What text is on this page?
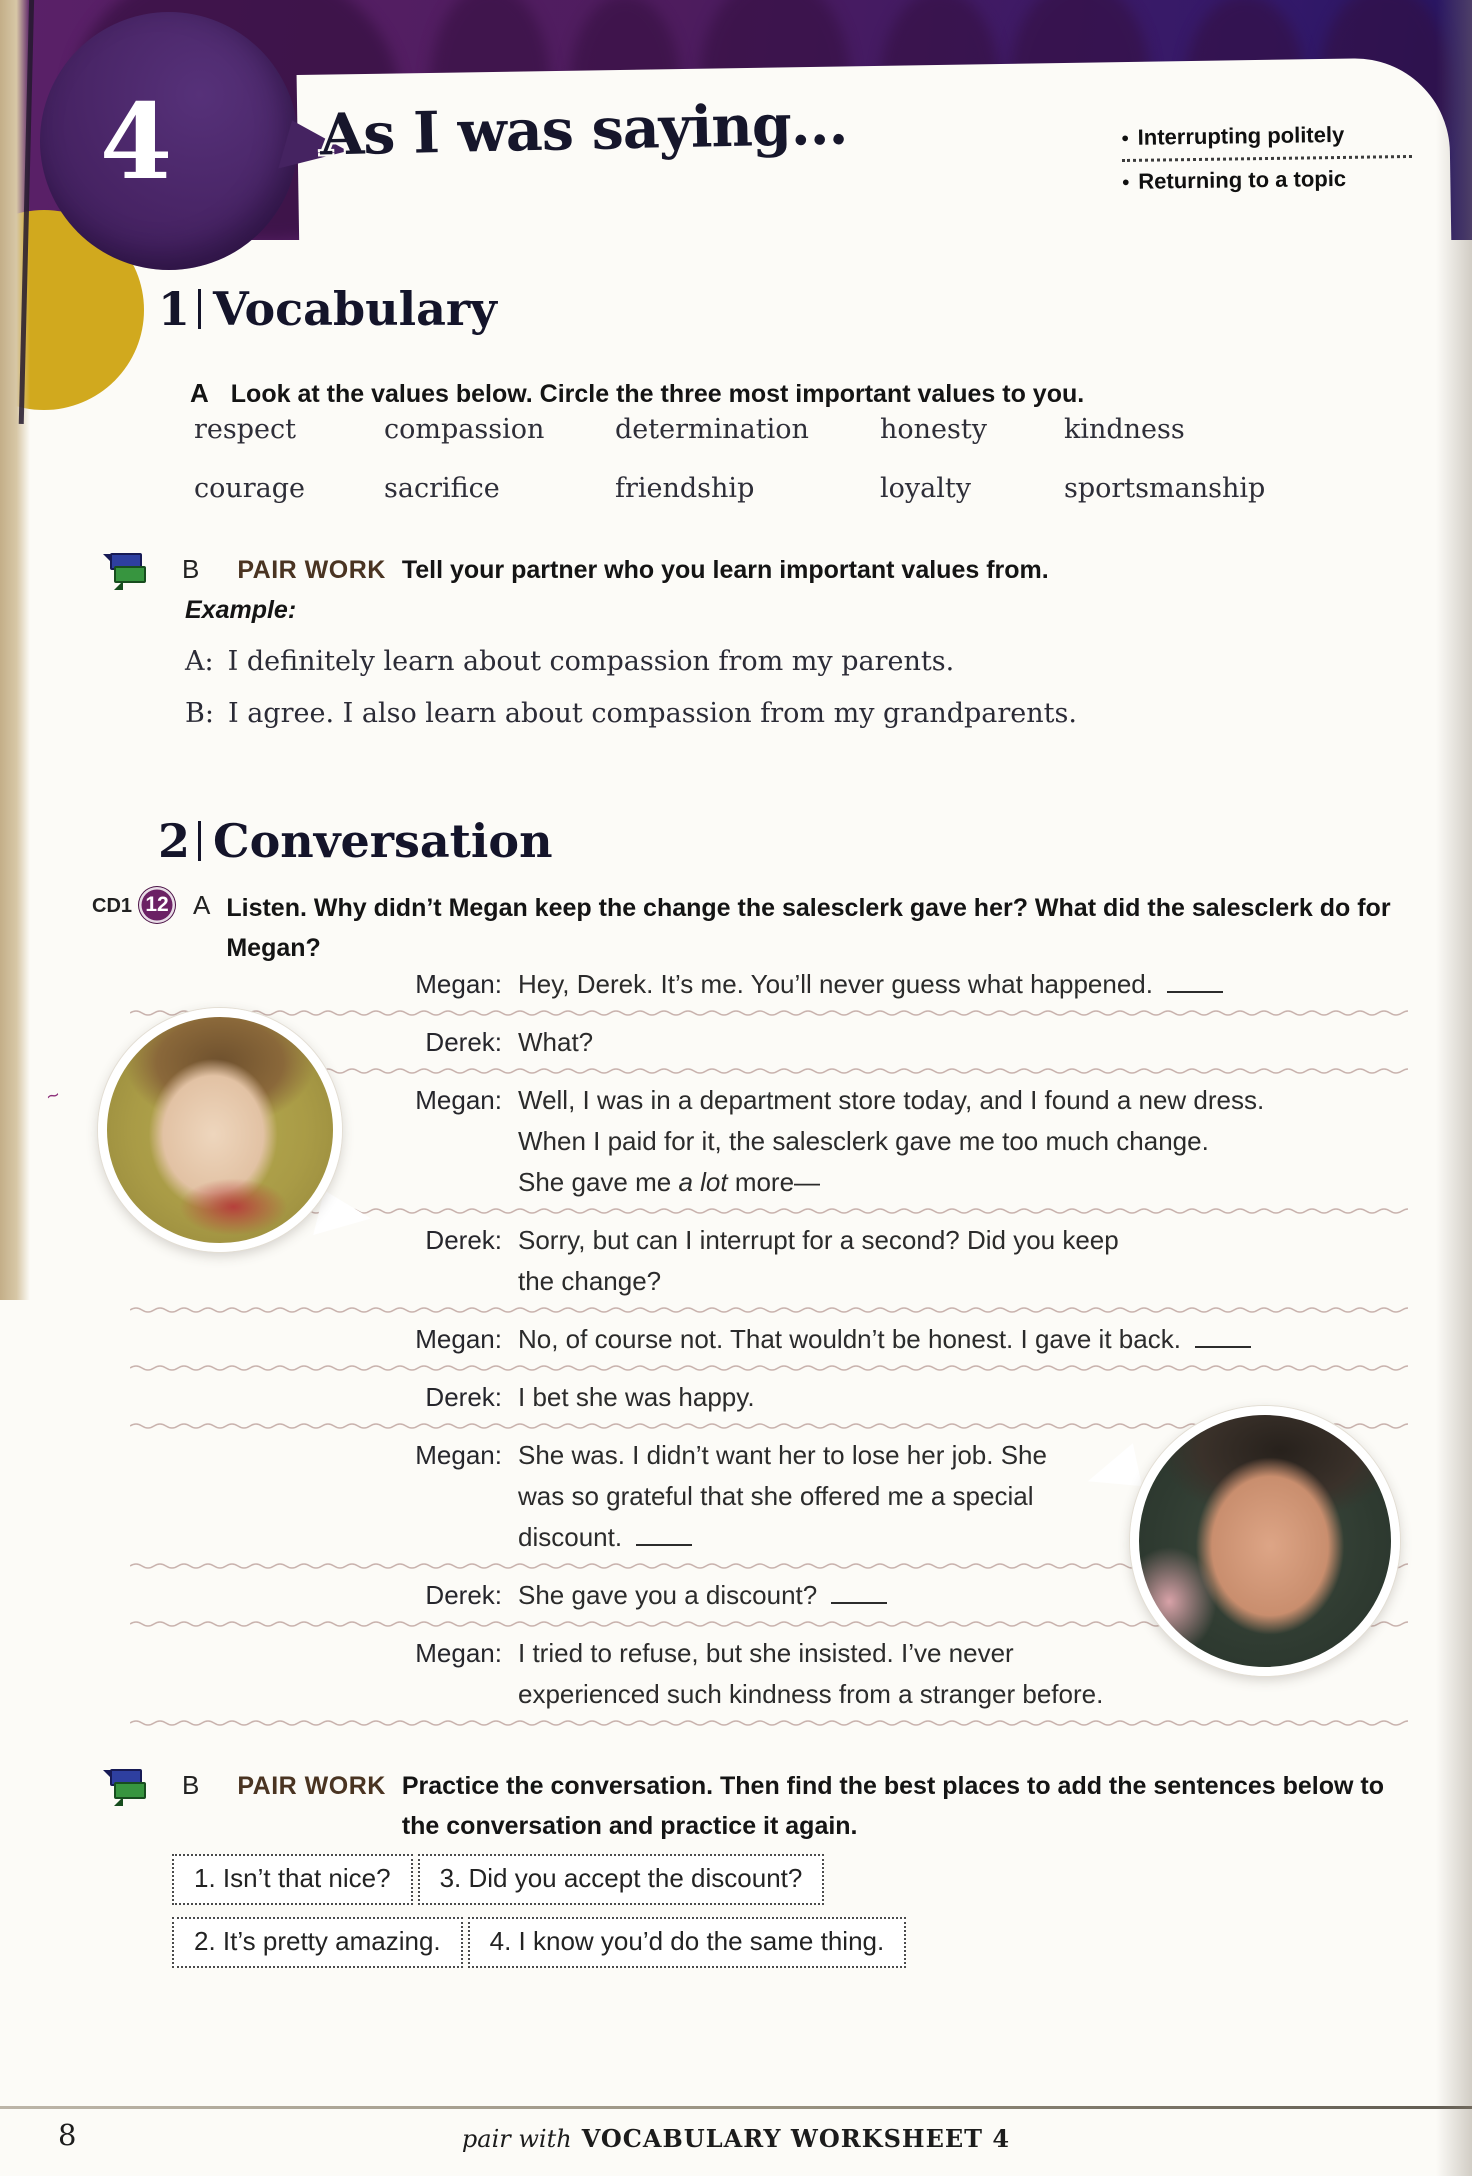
4	As I was saying...	• Interrupting politely
• Returning to a topic
1 Vocabulary
A Look at the values below. Circle the three most important values to you.
respect	compassion	determination	honesty	kindness
courage	sacrifice	friendship	loyalty	sportsmanship
B PAIR WORK Tell your partner who you learn important values from.
Example:
A: I definitely learn about compassion from my parents.
B: I agree. I also learn about compassion from my grandparents.
2 Conversation
CD1 12 A Listen. Why didn’t Megan keep the change the salesclerk gave her? What did the salesclerk do for Megan?
Megan: Hey, Derek. It’s me. You’ll never guess what happened.
Derek: What?
Megan: Well, I was in a department store today, and I found a new dress.
When I paid for it, the salesclerk gave me too much change.
She gave me a lot more—
Derek: Sorry, but can I interrupt for a second? Did you keep
the change?
Megan: No, of course not. That wouldn’t be honest. I gave it back.
Derek: I bet she was happy.
Megan: She was. I didn’t want her to lose her job. She
was so grateful that she offered me a special
discount.
Derek: She gave you a discount?
Megan: I tried to refuse, but she insisted. I’ve never
experienced such kindness from a stranger before.
∼
B PAIR WORK Practice the conversation. Then find the best places to add the sentences below to the conversation and practice it again.
1. Isn’t that nice?	3. Did you accept the discount?
2. It’s pretty amazing.	4. I know you’d do the same thing.
8	pair with VOCABULARY WORKSHEET 4
